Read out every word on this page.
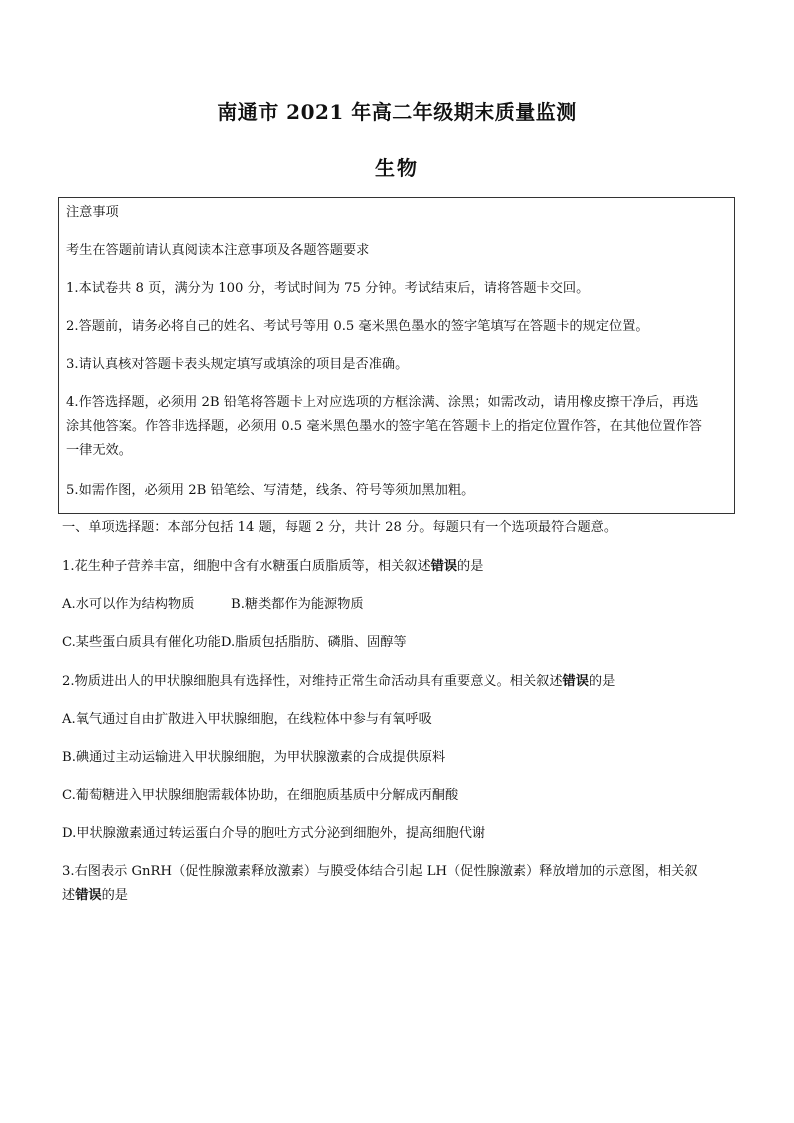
南通市 2021 年高二年级期末质量监测
生物
注意事项
考生在答题前请认真阅读本注意事项及各题答题要求
1.本试卷共 8 页，满分为 100 分，考试时间为 75 分钟。考试结束后，请将答题卡交回。
2.答题前，请务必将自己的姓名、考试号等用 0.5 毫米黑色墨水的签字笔填写在答题卡的规定位置。
3.请认真核对答题卡表头规定填写或填涂的项目是否准确。
4.作答选择题，必须用 2B 铅笔将答题卡上对应选项的方框涂满、涂黑；如需改动，请用橡皮擦干净后，再选
涂其他答案。作答非选择题，必须用 0.5 毫米黑色墨水的签字笔在答题卡上的指定位置作答，在其他位置作答
一律无效。
5.如需作图，必须用 2B 铅笔绘、写清楚，线条、符号等须加黑加粗。
一、单项选择题：本部分包括 14 题，每题 2 分，共计 28 分。每题只有一个选项最符合题意。
1.花生种子营养丰富，细胞中含有水糖蛋白质脂质等，相关叙述错误的是
A.水可以作为结构物质	B.糖类都作为能源物质
C.某些蛋白质具有催化功能D.脂质包括脂肪、磷脂、固醇等
2.物质进出人的甲状腺细胞具有选择性，对维持正常生命活动具有重要意义。相关叙述错误的是
A.氧气通过自由扩散进入甲状腺细胞，在线粒体中参与有氧呼吸
B.碘通过主动运输进入甲状腺细胞，为甲状腺激素的合成提供原料
C.葡萄糖进入甲状腺细胞需载体协助，在细胞质基质中分解成丙酮酸
D.甲状腺激素通过转运蛋白介导的胞吐方式分泌到细胞外，提高细胞代谢
3.右图表示 GnRH（促性腺激素释放激素）与膜受体结合引起 LH（促性腺激素）释放增加的示意图，相关叙
述错误的是
